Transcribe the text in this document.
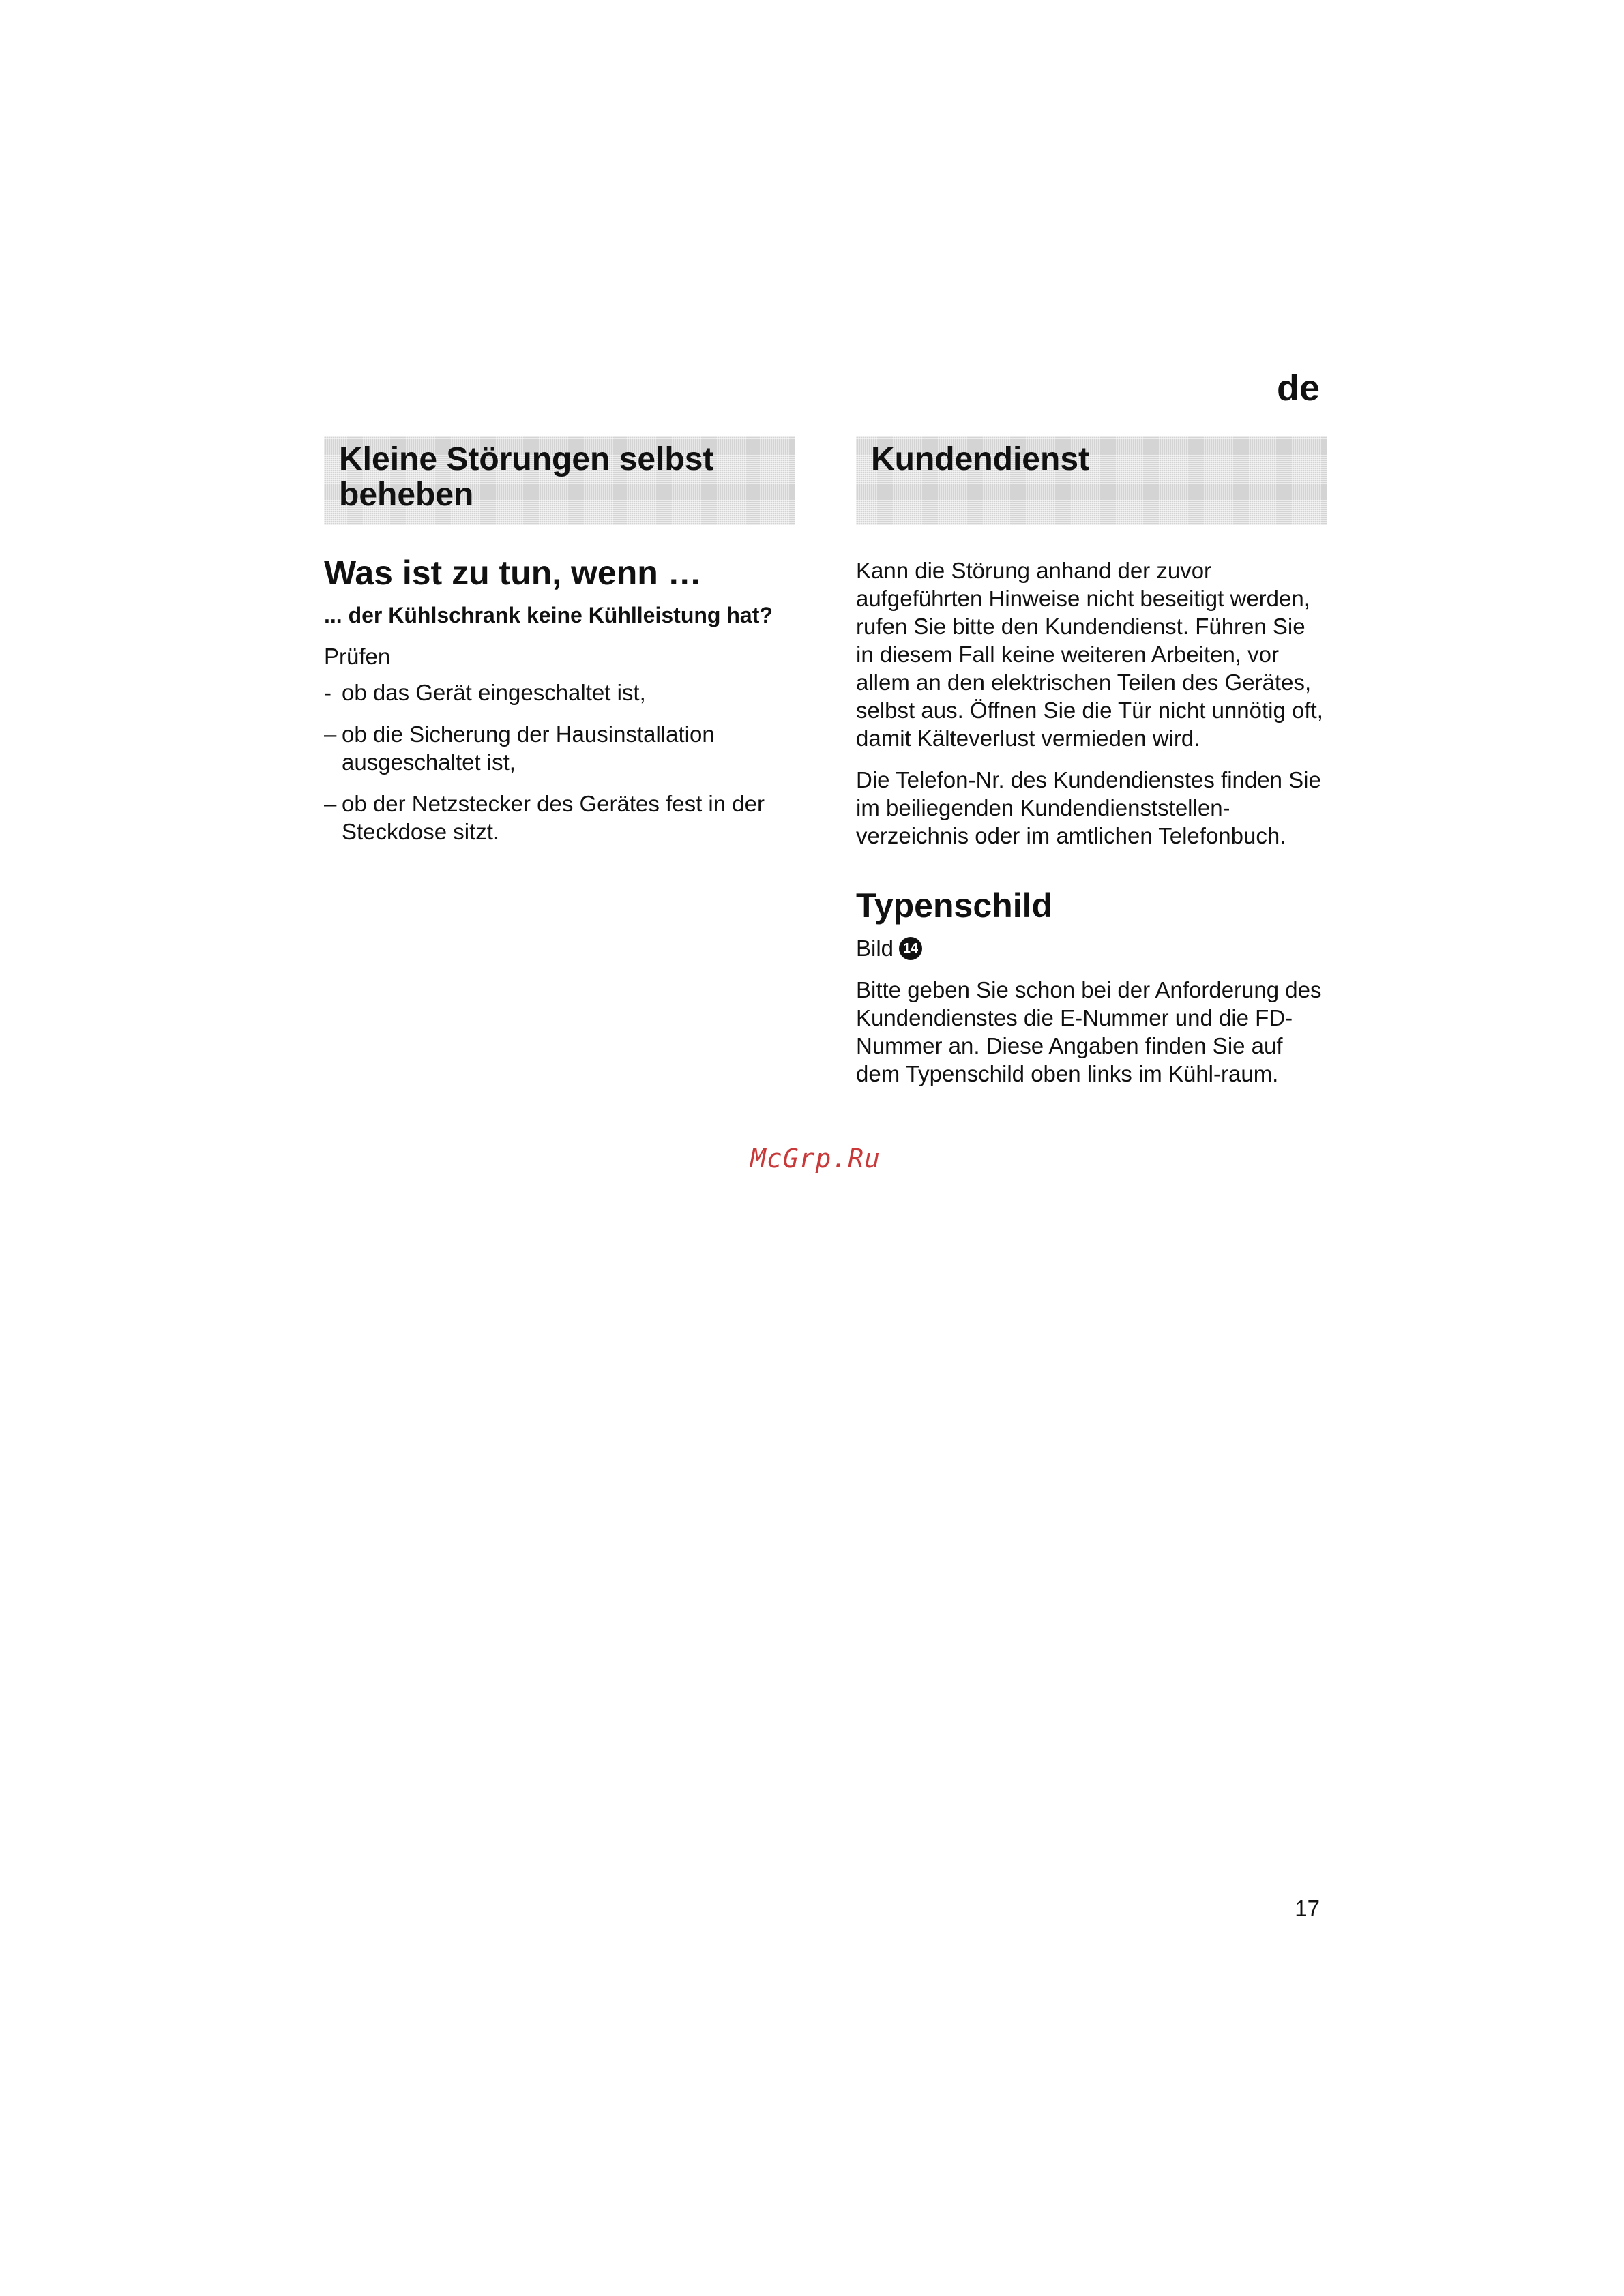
de
Kleine Störungen selbst
beheben
Was ist zu tun, wenn …
... der Kühlschrank keine Kühlleistung hat?

Prüfen

- ob das Gerät eingeschaltet ist,
– ob die Sicherung der Hausinstallation ausgeschaltet ist,
– ob der Netzstecker des Gerätes fest in der Steckdose sitzt.
Kundendienst

Kann die Störung anhand der zuvor aufgeführten Hinweise nicht beseitigt werden, rufen Sie bitte den Kundendienst. Führen Sie in diesem Fall keine weiteren Arbeiten, vor allem an den elektrischen Teilen des Gerätes, selbst aus. Öffnen Sie die Tür nicht unnötig oft, damit Kälteverlust vermieden wird.

Die Telefon-Nr. des Kundendienstes finden Sie im beiliegenden Kundendienststellen-verzeichnis oder im amtlichen Telefonbuch.

Typenschild
Bild 14

Bitte geben Sie schon bei der Anforderung des Kundendienstes die E-Nummer und die FD-Nummer an. Diese Angaben finden Sie auf dem Typenschild oben links im Kühl-raum.

McGrp.Ru
17
